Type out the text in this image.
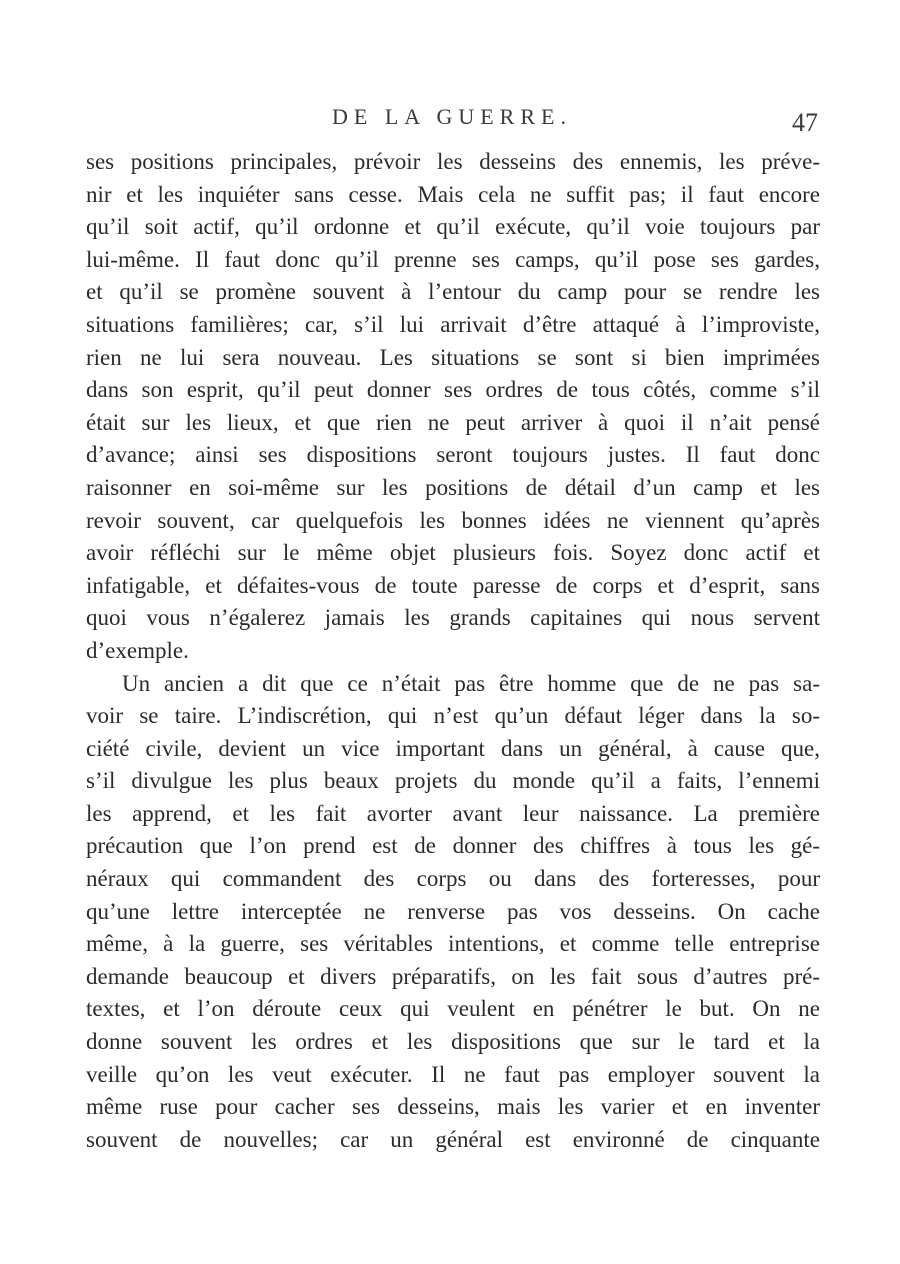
DE LA GUERRE.	47
ses positions principales, prévoir les desseins des ennemis, les préve-
nir et les inquiéter sans cesse. Mais cela ne suffit pas; il faut encore
qu’il soit actif, qu’il ordonne et qu’il exécute, qu’il voie toujours par
lui-même. Il faut donc qu’il prenne ses camps, qu’il pose ses gardes,
et qu’il se promène souvent à l’entour du camp pour se rendre les
situations familières; car, s’il lui arrivait d’être attaqué à l’improviste,
rien ne lui sera nouveau. Les situations se sont si bien imprimées
dans son esprit, qu’il peut donner ses ordres de tous côtés, comme s’il
était sur les lieux, et que rien ne peut arriver à quoi il n’ait pensé
d’avance; ainsi ses dispositions seront toujours justes. Il faut donc
raisonner en soi-même sur les positions de détail d’un camp et les
revoir souvent, car quelquefois les bonnes idées ne viennent qu’après
avoir réfléchi sur le même objet plusieurs fois. Soyez donc actif et
infatigable, et défaites-vous de toute paresse de corps et d’esprit, sans
quoi vous n’égalerez jamais les grands capitaines qui nous servent
d’exemple.
Un ancien a dit que ce n’était pas être homme que de ne pas sa-
voir se taire. L’indiscrétion, qui n’est qu’un défaut léger dans la so-
ciété civile, devient un vice important dans un général, à cause que,
s’il divulgue les plus beaux projets du monde qu’il a faits, l’ennemi
les apprend, et les fait avorter avant leur naissance. La première
précaution que l’on prend est de donner des chiffres à tous les gé-
néraux qui commandent des corps ou dans des forteresses, pour
qu’une lettre interceptée ne renverse pas vos desseins. On cache
même, à la guerre, ses véritables intentions, et comme telle entreprise
demande beaucoup et divers préparatifs, on les fait sous d’autres pré-
textes, et l’on déroute ceux qui veulent en pénétrer le but. On ne
donne souvent les ordres et les dispositions que sur le tard et la
veille qu’on les veut exécuter. Il ne faut pas employer souvent la
même ruse pour cacher ses desseins, mais les varier et en inventer
souvent de nouvelles; car un général est environné de cinquante
